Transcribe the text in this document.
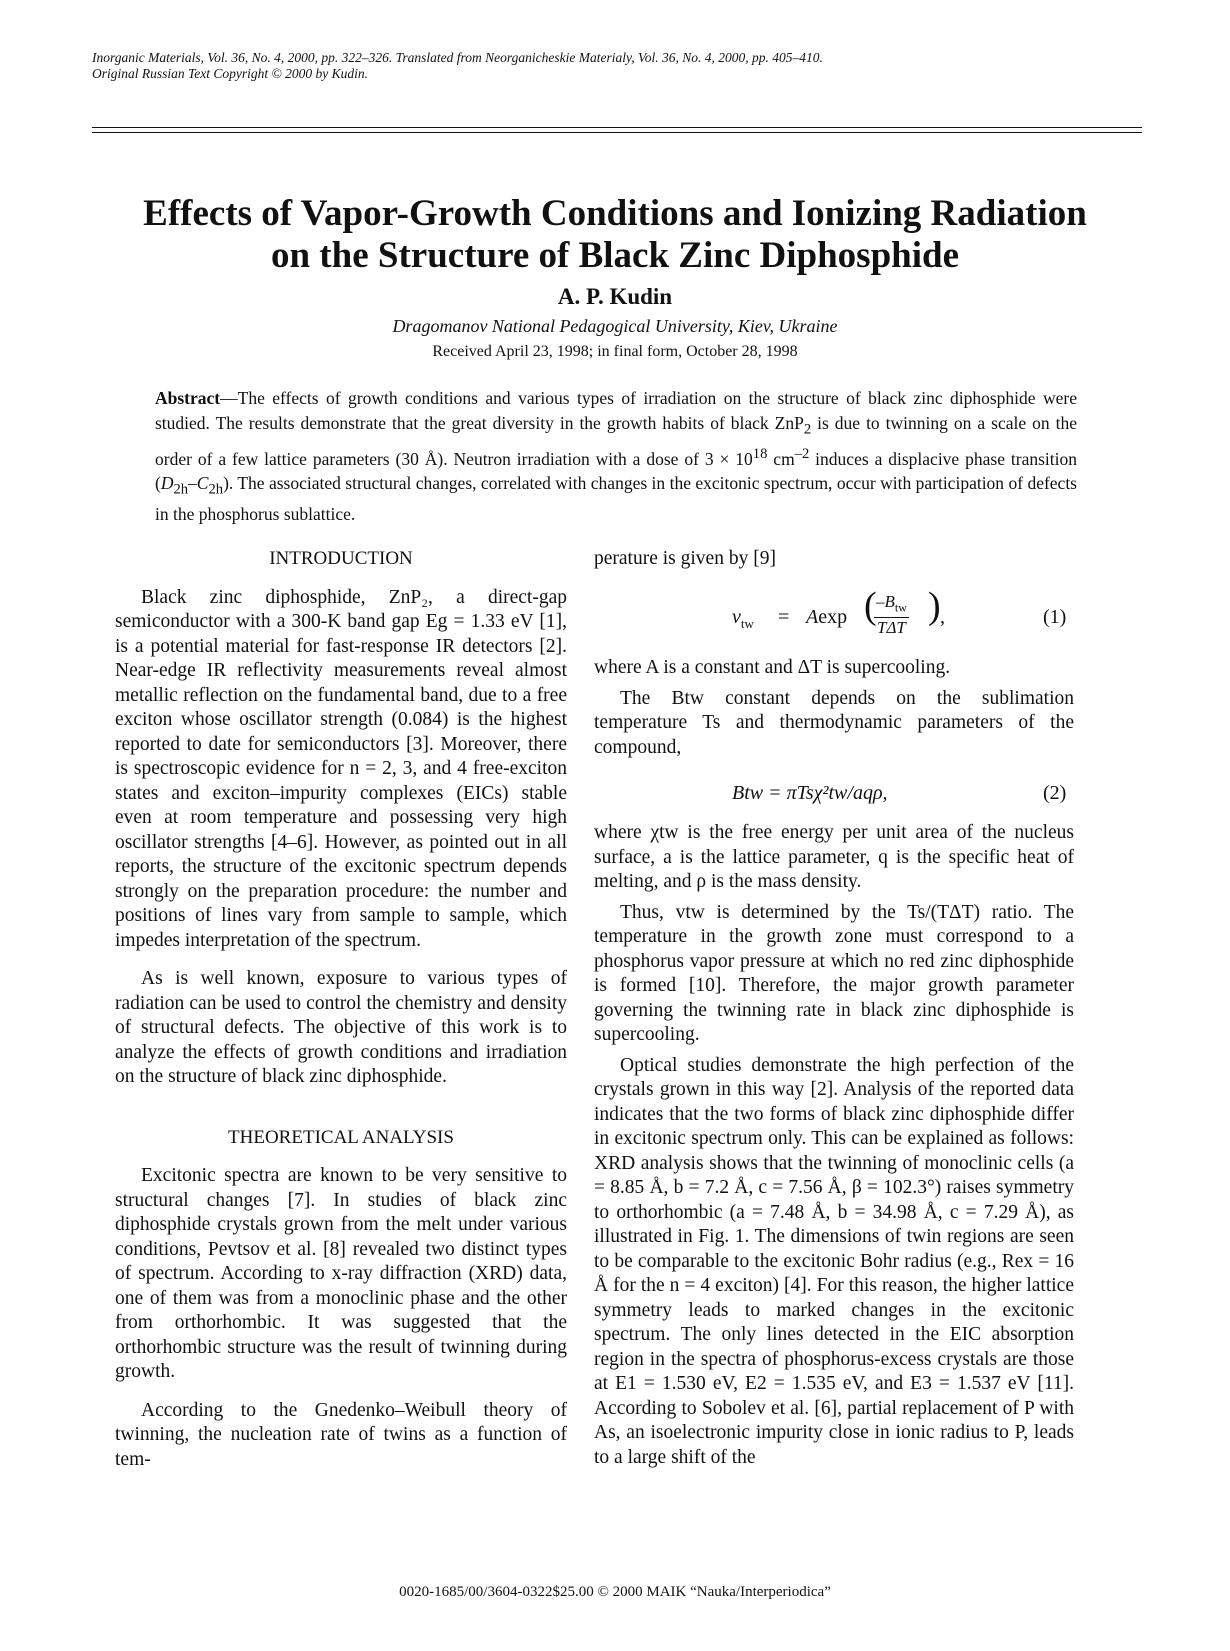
Inorganic Materials, Vol. 36, No. 4, 2000, pp. 322–326. Translated from Neorganicheskie Materialy, Vol. 36, No. 4, 2000, pp. 405–410.
Original Russian Text Copyright © 2000 by Kudin.
Effects of Vapor-Growth Conditions and Ionizing Radiation
on the Structure of Black Zinc Diphosphide
A. P. Kudin
Dragomanov National Pedagogical University, Kiev, Ukraine
Received April 23, 1998; in final form, October 28, 1998
Abstract—The effects of growth conditions and various types of irradiation on the structure of black zinc diphosphide were studied. The results demonstrate that the great diversity in the growth habits of black ZnP$_2$ is due to twinning on a scale on the order of a few lattice parameters (30 Å). Neutron irradiation with a dose of $3 \times 10^{18}$ $cm^{-2}$ induces a displacive phase transition $(D_{2h}-C_{2h})$. The associated structural changes, correlated with changes in the excitonic spectrum, occur with participation of defects in the phosphorus sublattice.

INTRODUCTION

Black zinc diphosphide, ZnP₂, a direct-gap semiconductor with a 300-K band gap Eg = 1.33 eV [1], is a potential material for fast-response IR detectors [2]. Near-edge IR reflectivity measurements reveal almost metallic reflection on the fundamental band, due to a free exciton whose oscillator strength (0.084) is the highest reported to date for semiconductors [3]. Moreover, there is spectroscopic evidence for n = 2, 3, and 4 free-exciton states and exciton–impurity complexes (EICs) stable even at room temperature and possessing very high oscillator strengths [4–6]. However, as pointed out in all reports, the structure of the excitonic spectrum depends strongly on the preparation procedure: the number and positions of lines vary from sample to sample, which impedes interpretation of the spectrum.

As is well known, exposure to various types of radiation can be used to control the chemistry and density of structural defects. The objective of this work is to analyze the effects of growth conditions and irradiation on the structure of black zinc diphosphide.

THEORETICAL ANALYSIS

Excitonic spectra are known to be very sensitive to structural changes [7]. In studies of black zinc diphosphide crystals grown from the melt under various conditions, Pevtsov et al. [8] revealed two distinct types of spectrum. According to x-ray diffraction (XRD) data, one of them was from a monoclinic phase and the other from orthorhombic. It was suggested that the orthorhombic structure was the result of twinning during growth.

According to the Gnedenko–Weibull theory of twinning, the nucleation rate of twins as a function of tem-

perature is given by [9]

$v_{tw} = Aexp$ ( $-B_{tw}$
TΔT
) ,	(1)

where A is a constant and ΔT is supercooling.

The Btw constant depends on the sublimation temperature Ts and thermodynamic parameters of the compound,

Btw = πTsχ²tw/aqρ,	(2)

where χtw is the free energy per unit area of the nucleus surface, a is the lattice parameter, q is the specific heat of melting, and ρ is the mass density.

Thus, vtw is determined by the Ts/(TΔT) ratio. The temperature in the growth zone must correspond to a phosphorus vapor pressure at which no red zinc diphosphide is formed [10]. Therefore, the major growth parameter governing the twinning rate in black zinc diphosphide is supercooling.

Optical studies demonstrate the high perfection of the crystals grown in this way [2]. Analysis of the reported data indicates that the two forms of black zinc diphosphide differ in excitonic spectrum only. This can be explained as follows: XRD analysis shows that the twinning of monoclinic cells (a = 8.85 Å, b = 7.2 Å, c = 7.56 Å, β = 102.3°) raises symmetry to orthorhombic (a = 7.48 Å, b = 34.98 Å, c = 7.29 Å), as illustrated in Fig. 1. The dimensions of twin regions are seen to be comparable to the excitonic Bohr radius (e.g., Rex = 16 Å for the n = 4 exciton) [4]. For this reason, the higher lattice symmetry leads to marked changes in the excitonic spectrum. The only lines detected in the EIC absorption region in the spectra of phosphorus-excess crystals are those at E1 = 1.530 eV, E2 = 1.535 eV, and E3 = 1.537 eV [11]. According to Sobolev et al. [6], partial replacement of P with As, an isoelectronic impurity close in ionic radius to P, leads to a large shift of the

0020-1685/00/3604-0322$25.00 © 2000 MAIK “Nauka/Interperiodica”
